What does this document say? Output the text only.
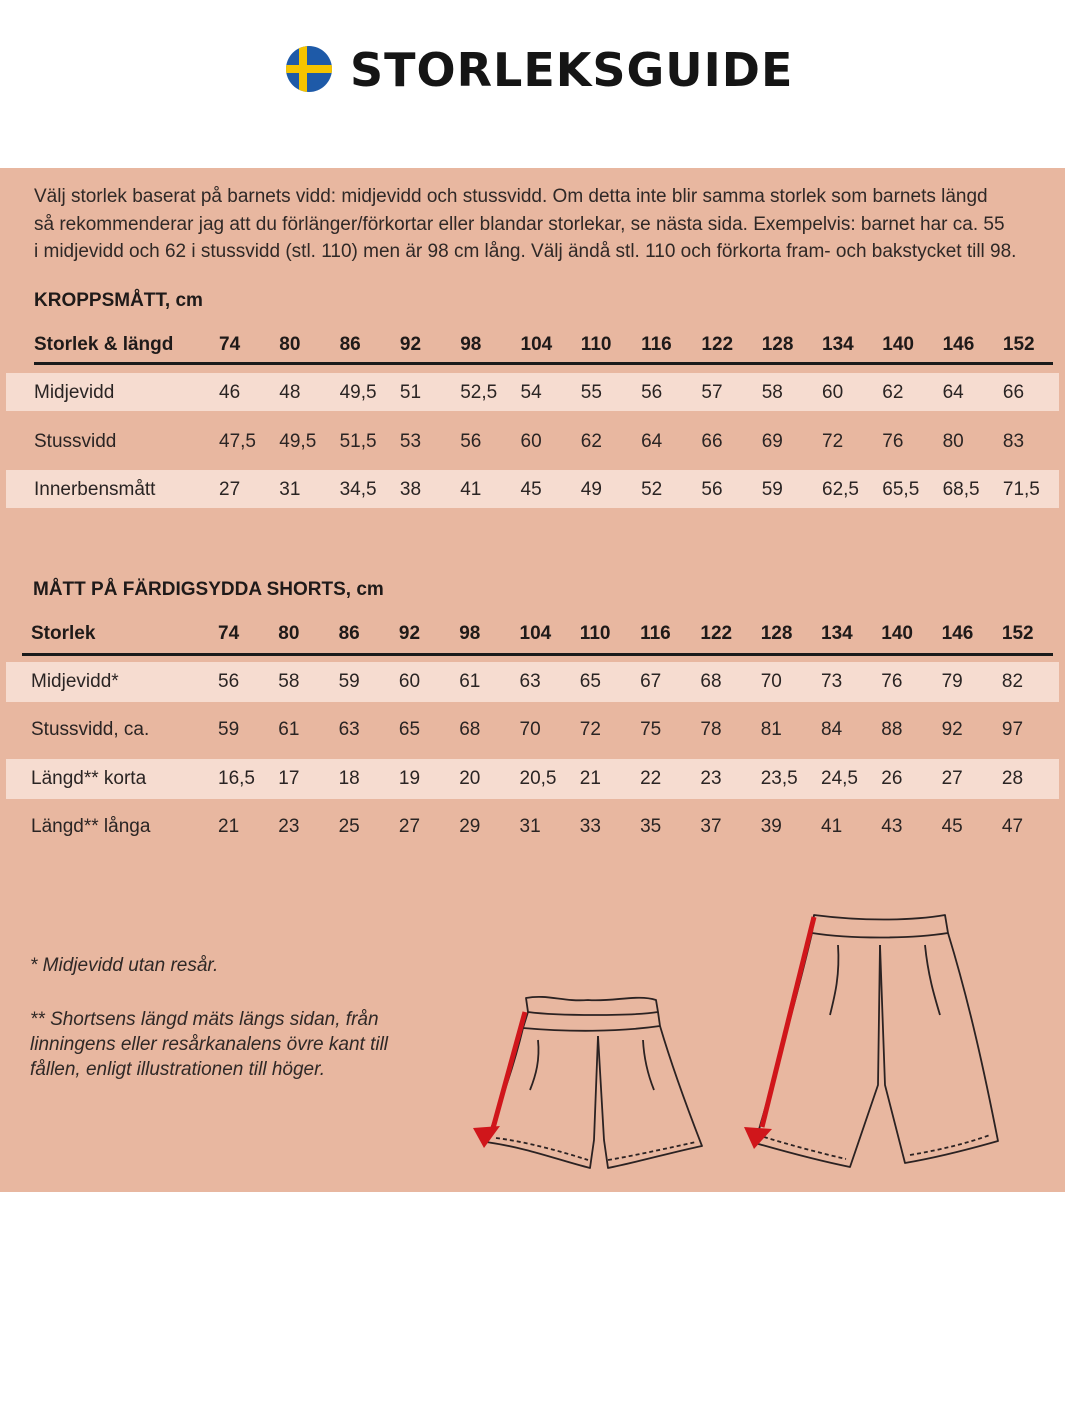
STORLEKSGUIDE

Välj storlek baserat på barnets vidd: midjevidd och stussvidd. Om detta inte blir samma storlek som barnets längd

så rekommenderar jag att du förlänger/förkortar eller blandar storlekar, se nästa sida. Exempelvis: barnet har ca. 55

i midjevidd och 62 i stussvidd (stl. 110) men är 98 cm lång. Välj ändå stl. 110 och förkorta fram- och bakstycket till 98.

KROPPSMÅTT, cm
MÅTT PÅ FÄRDIGSYDDA SHORTS, cm

* Midjevidd utan resår.

** Shortsens längd mäts längs sidan, från

linningens eller resårkanalens övre kant till

fållen, enligt illustrationen till höger.

Storlek & längd 74 80 86 92 98 104 110 116 122 128 134 140 146 152
Midjevidd	46 48 49,5 51 52,5 54 55 56 57 58 60 62 64 66
Stussvidd	47,5 49,5 51,5 53 56 60 62 64 66 69 72 76 80 83
Innerbensmått	27 31 34,5 38 41 45 49 52 56 59 62,5 65,5 68,5 71,5
Storlek	74 80 86 92 98 104 110 116 122 128 134 140 146 152
Midjevidd*	56 58 59 60 61 63 65 67 68 70 73 76 79 82
Stussvidd, ca.	59 61 63 65 68 70 72 75 78 81 84 88 92 97
Längd** korta	16,5 17 18 19 20 20,5 21 22 23 23,5 24,5 26 27 28
Längd** långa	21 23 25 27 29 31 33 35 37 39 41 43 45 47
